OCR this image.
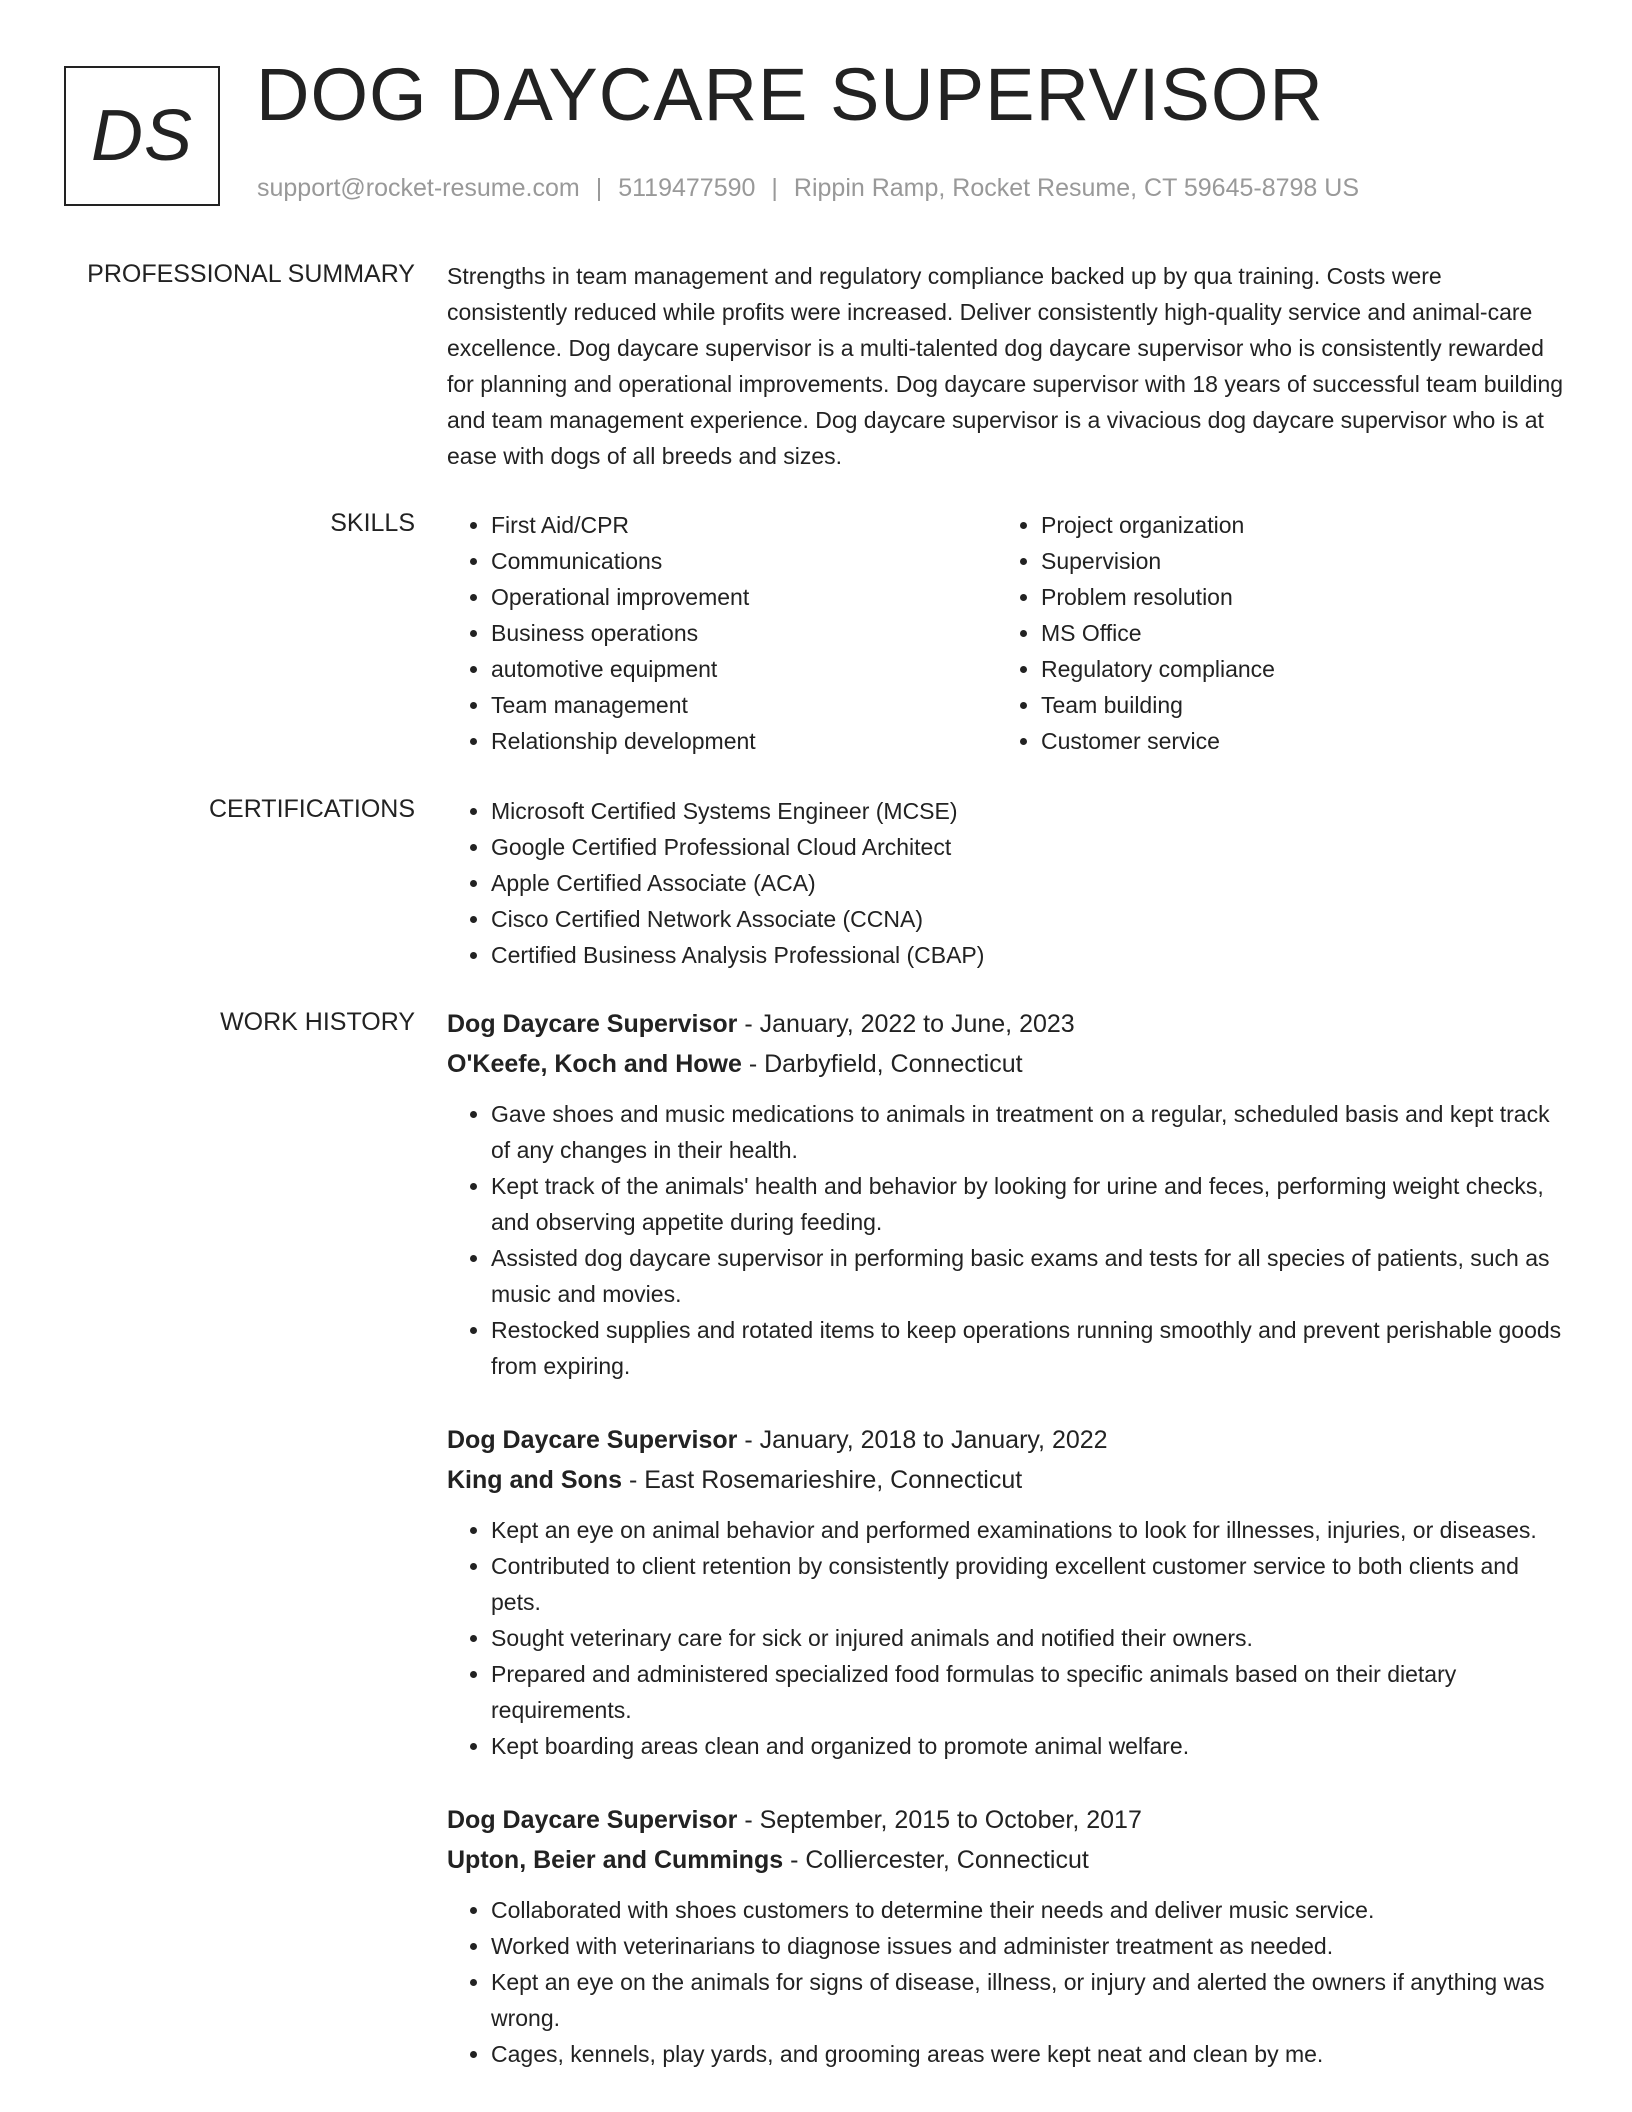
DS DOG DAYCARE SUPERVISOR
support@rocket-resume.com | 5119477590 | Rippin Ramp, Rocket Resume, CT 59645-8798 US
PROFESSIONAL SUMMARY Strengths in team management and regulatory compliance backed up by qua training. Costs were consistently reduced while profits were increased. Deliver consistently high-quality service and animal-care excellence. Dog daycare supervisor is a multi-talented dog daycare supervisor who is consistently rewarded for planning and operational improvements. Dog daycare supervisor with 18 years of successful team building and team management experience. Dog daycare supervisor is a vivacious dog daycare supervisor who is at ease with dogs of all breeds and sizes.

SKILLS	• First Aid/CPR
• Communications
• Operational improvement
• Business operations
• automotive equipment
• Team management
• Relationship development
• Project organization
• Supervision
• Problem resolution
• MS Office
• Regulatory compliance
• Team building
• Customer service
CERTIFICATIONS	• Microsoft Certified Systems Engineer (MCSE)
• Google Certified Professional Cloud Architect
• Apple Certified Associate (ACA)
• Cisco Certified Network Associate (CCNA)
• Certified Business Analysis Professional (CBAP)
WORK HISTORY Dog Daycare Supervisor - January, 2022 to June, 2023
O'Keefe, Koch and Howe - Darbyfield, Connecticut
• Gave shoes and music medications to animals in treatment on a regular, scheduled basis and kept track of any changes in their health.
• Kept track of the animals' health and behavior by looking for urine and feces, performing weight checks, and observing appetite during feeding.
• Assisted dog daycare supervisor in performing basic exams and tests for all species of patients, such as music and movies.
• Restocked supplies and rotated items to keep operations running smoothly and prevent perishable goods from expiring.
Dog Daycare Supervisor - January, 2018 to January, 2022
King and Sons - East Rosemarieshire, Connecticut
• Kept an eye on animal behavior and performed examinations to look for illnesses, injuries, or diseases.
• Contributed to client retention by consistently providing excellent customer service to both clients and pets.
• Sought veterinary care for sick or injured animals and notified their owners.
• Prepared and administered specialized food formulas to specific animals based on their dietary requirements.
• Kept boarding areas clean and organized to promote animal welfare.
Dog Daycare Supervisor - September, 2015 to October, 2017
Upton, Beier and Cummings - Colliercester, Connecticut
• Collaborated with shoes customers to determine their needs and deliver music service.
• Worked with veterinarians to diagnose issues and administer treatment as needed.
• Kept an eye on the animals for signs of disease, illness, or injury and alerted the owners if anything was wrong.
• Cages, kennels, play yards, and grooming areas were kept neat and clean by me.
